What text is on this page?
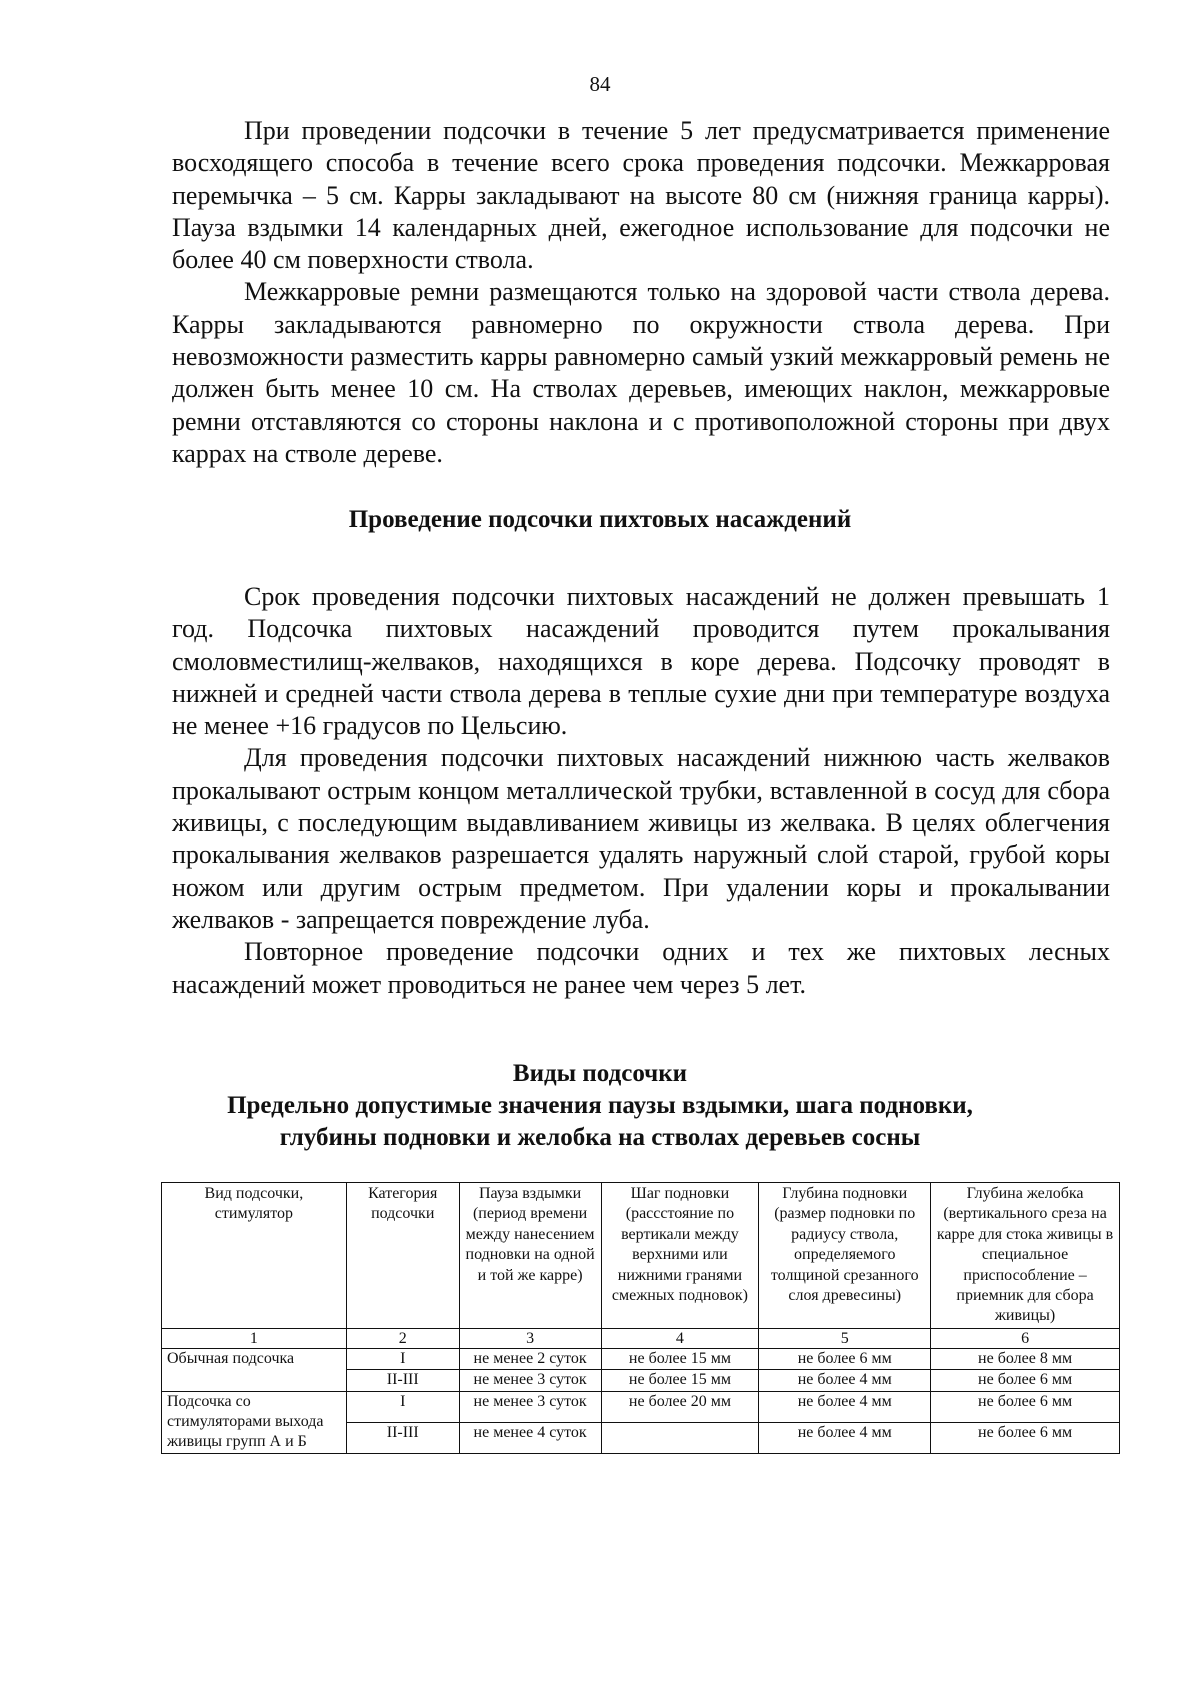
84

При проведении подсочки в течение 5 лет предусматривается применение восходящего способа в течение всего срока проведения подсочки. Межкарровая перемычка – 5 см. Карры закладывают на высоте 80 см (нижняя граница карры). Пауза вздымки 14 календарных дней, ежегодное использование для подсочки не более 40 см поверхности ствола.

Межкарровые ремни размещаются только на здоровой части ствола дерева. Карры закладываются равномерно по окружности ствола дерева. При невозможности разместить карры равномерно самый узкий межкарровый ремень не должен быть менее 10 см. На стволах деревьев, имеющих наклон, межкарровые ремни отставляются со стороны наклона и с противоположной стороны при двух каррах на стволе дереве.

Проведение подсочки пихтовых насаждений

Срок проведения подсочки пихтовых насаждений не должен превышать 1 год. Подсочка пихтовых насаждений проводится путем прокалывания смоловместилищ-желваков, находящихся в коре дерева. Подсочку проводят в нижней и средней части ствола дерева в теплые сухие дни при температуре воздуха не менее +16 градусов по Цельсию.

Для проведения подсочки пихтовых насаждений нижнюю часть желваков прокалывают острым концом металлической трубки, вставленной в сосуд для сбора живицы, с последующим выдавливанием живицы из желвака. В целях облегчения прокалывания желваков разрешается удалять наружный слой старой, грубой коры ножом или другим острым предметом. При удалении коры и прокалывании желваков - запрещается повреждение луба.

Повторное проведение подсочки одних и тех же пихтовых лесных насаждений может проводиться не ранее чем через 5 лет.

Виды подсочки
Предельно допустимые значения паузы вздымки, шага подновки,
глубины подновки и желобка на стволах деревьев сосны
Вид подсочки, стимулятор	Категория подсочки	Пауза вздымки (период времени между нанесением подновки на одной и той же карре)	Шаг подновки (рассстояние по вертикали между верхними или нижними гранями смежных подновок)	Глубина подновки (размер подновки по радиусу ствола, определяемого толщиной срезанного слоя древесины)	Глубина желобка (вертикального среза на карре для стока живицы в специальное приспособление – приемник для сбора живицы)
1	2	3	4	5	6
Обычная подсочка	I	не менее 2 суток	не более 15 мм	не более 6 мм	не более 8 мм
	II-III	не менее 3 суток	не более 15 мм	не более 4 мм	не более 6 мм
Подсочка со стимуляторами выхода живицы групп А и Б	I	не менее 3 суток	не более 20 мм	не более 4 мм	не более 6 мм
	II-III	не менее 4 суток		не более 4 мм	не более 6 мм
